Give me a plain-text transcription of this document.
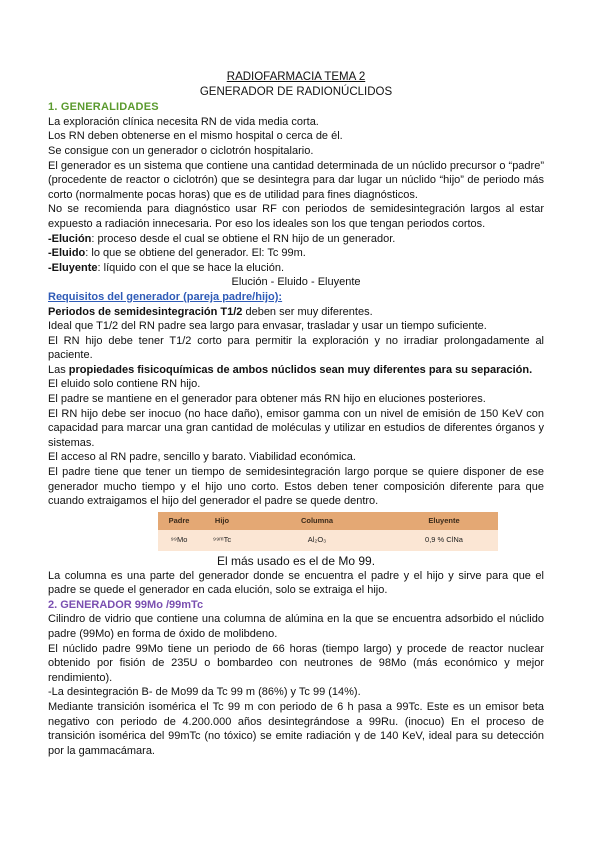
RADIOFARMACIA TEMA 2

GENERADOR DE RADIONÚCLIDOS

1. GENERALIDADES

La exploración clínica necesita RN de vida media corta.

Los RN deben obtenerse en el mismo hospital o cerca de él.

Se consigue con un generador o ciclotrón hospitalario.

El generador es un sistema que contiene una cantidad determinada de un núclido precursor o “padre” (procedente de reactor o ciclotrón) que se desintegra para dar lugar un núclido “hijo” de periodo más corto (normalmente pocas horas) que es de utilidad para fines diagnósticos.

No se recomienda para diagnóstico usar RF con periodos de semidesintegración largos al estar expuesto a radiación innecesaria. Por eso los ideales son los que tengan periodos cortos.

-Elución: proceso desde el cual se obtiene el RN hijo de un generador.

-Eluido: lo que se obtiene del generador. El: Tc 99m.

-Eluyente: líquido con el que se hace la elución.

Elución - Eluido - Eluyente

Requisitos del generador (pareja padre/hijo):

Periodos de semidesintegración T1/2 deben ser muy diferentes.

Ideal que T1/2 del RN padre sea largo para envasar, trasladar y usar un tiempo suficiente.

El RN hijo debe tener T1/2 corto para permitir la exploración y no irradiar prolongadamente al paciente.

Las propiedades fisicoquímicas de ambos núclidos sean muy diferentes para su separación.

El eluido solo contiene RN hijo.

El padre se mantiene en el generador para obtener más RN hijo en eluciones posteriores.

El RN hijo debe ser inocuo (no hace daño), emisor gamma con un nivel de emisión de 150 KeV con capacidad para marcar una gran cantidad de moléculas y utilizar en estudios de diferentes órganos y sistemas.

El acceso al RN padre, sencillo y barato. Viabilidad económica.

El padre tiene que tener un tiempo de semidesintegración largo porque se quiere disponer de ese generador mucho tiempo y el hijo uno corto. Estos deben tener composición diferente para que cuando extraigamos el hijo del generador el padre se quede dentro.

Padre	Hijo	Columna	Eluyente
⁹⁹Mo	⁹⁹ᵐTc	Al₂O₃	0,9 % ClNa

El más usado es el de Mo 99.

La columna es una parte del generador donde se encuentra el padre y el hijo y sirve para que el padre se quede el generador en cada elución, solo se extraiga el hijo.

2. GENERADOR 99Mo /99mTc

Cilindro de vidrio que contiene una columna de alúmina en la que se encuentra adsorbido el núclido padre (99Mo) en forma de óxido de molibdeno.

El núclido padre 99Mo tiene un periodo de 66 horas (tiempo largo) y procede de reactor nuclear obtenido por fisión de 235U o bombardeo con neutrones de 98Mo (más económico y mejor rendimiento).

-La desintegración B- de Mo99 da Tc 99 m (86%) y Tc 99 (14%).

Mediante transición isomérica el Tc 99 m con periodo de 6 h pasa a 99Tc. Este es un emisor beta negativo con periodo de 4.200.000 años desintegrándose a 99Ru. (inocuo) En el proceso de transición isomérica del 99mTc (no tóxico) se emite radiación γ de 140 KeV, ideal para su detección por la gammacámara.
